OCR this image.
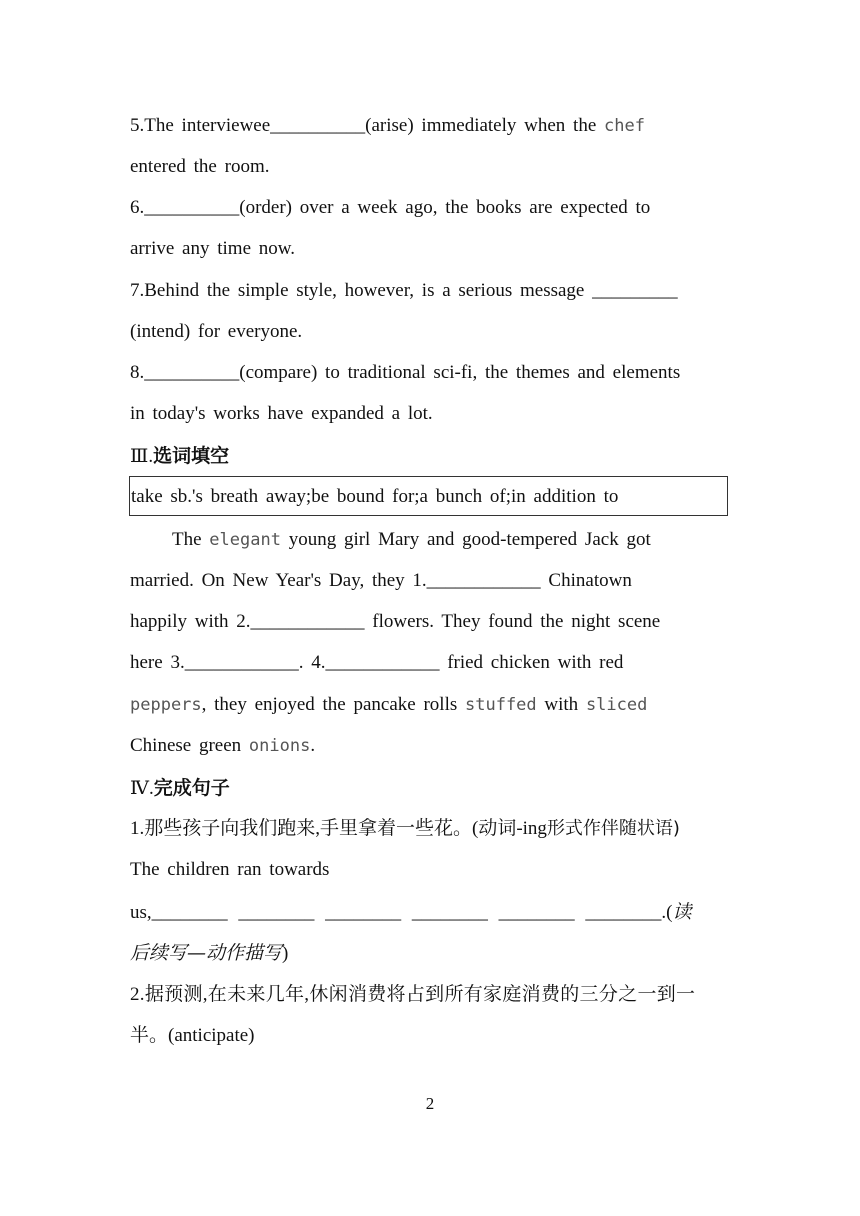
5.The interviewee__________(arise) immediately when the chef
entered the room.
6.__________(order) over a week ago, the books are expected to
arrive any time now.
7.Behind the simple style, however, is a serious message _________
(intend) for everyone.
8.__________(compare) to traditional sci-fi, the themes and elements
in today's works have expanded a lot.
Ⅲ.选词填空
take sb.'s breath away;be bound for;a bunch of;in addition to
The elegant young girl Mary and good-tempered Jack got
married. On New Year's Day, they 1.____________ Chinatown
happily with 2.____________ flowers. They found the night scene
here 3.____________. 4.____________ fried chicken with red
peppers, they enjoyed the pancake rolls stuffed with sliced
Chinese green onions.
Ⅳ.完成句子
1.那些孩子向我们跑来,手里拿着一些花。(动词-ing形式作伴随状语)
The children ran towards
us,________ ________ ________ ________ ________ ________.(读
后续写—动作描写)
2.据预测,在未来几年,休闲消费将占到所有家庭消费的三分之一到一
半。(anticipate)
2
